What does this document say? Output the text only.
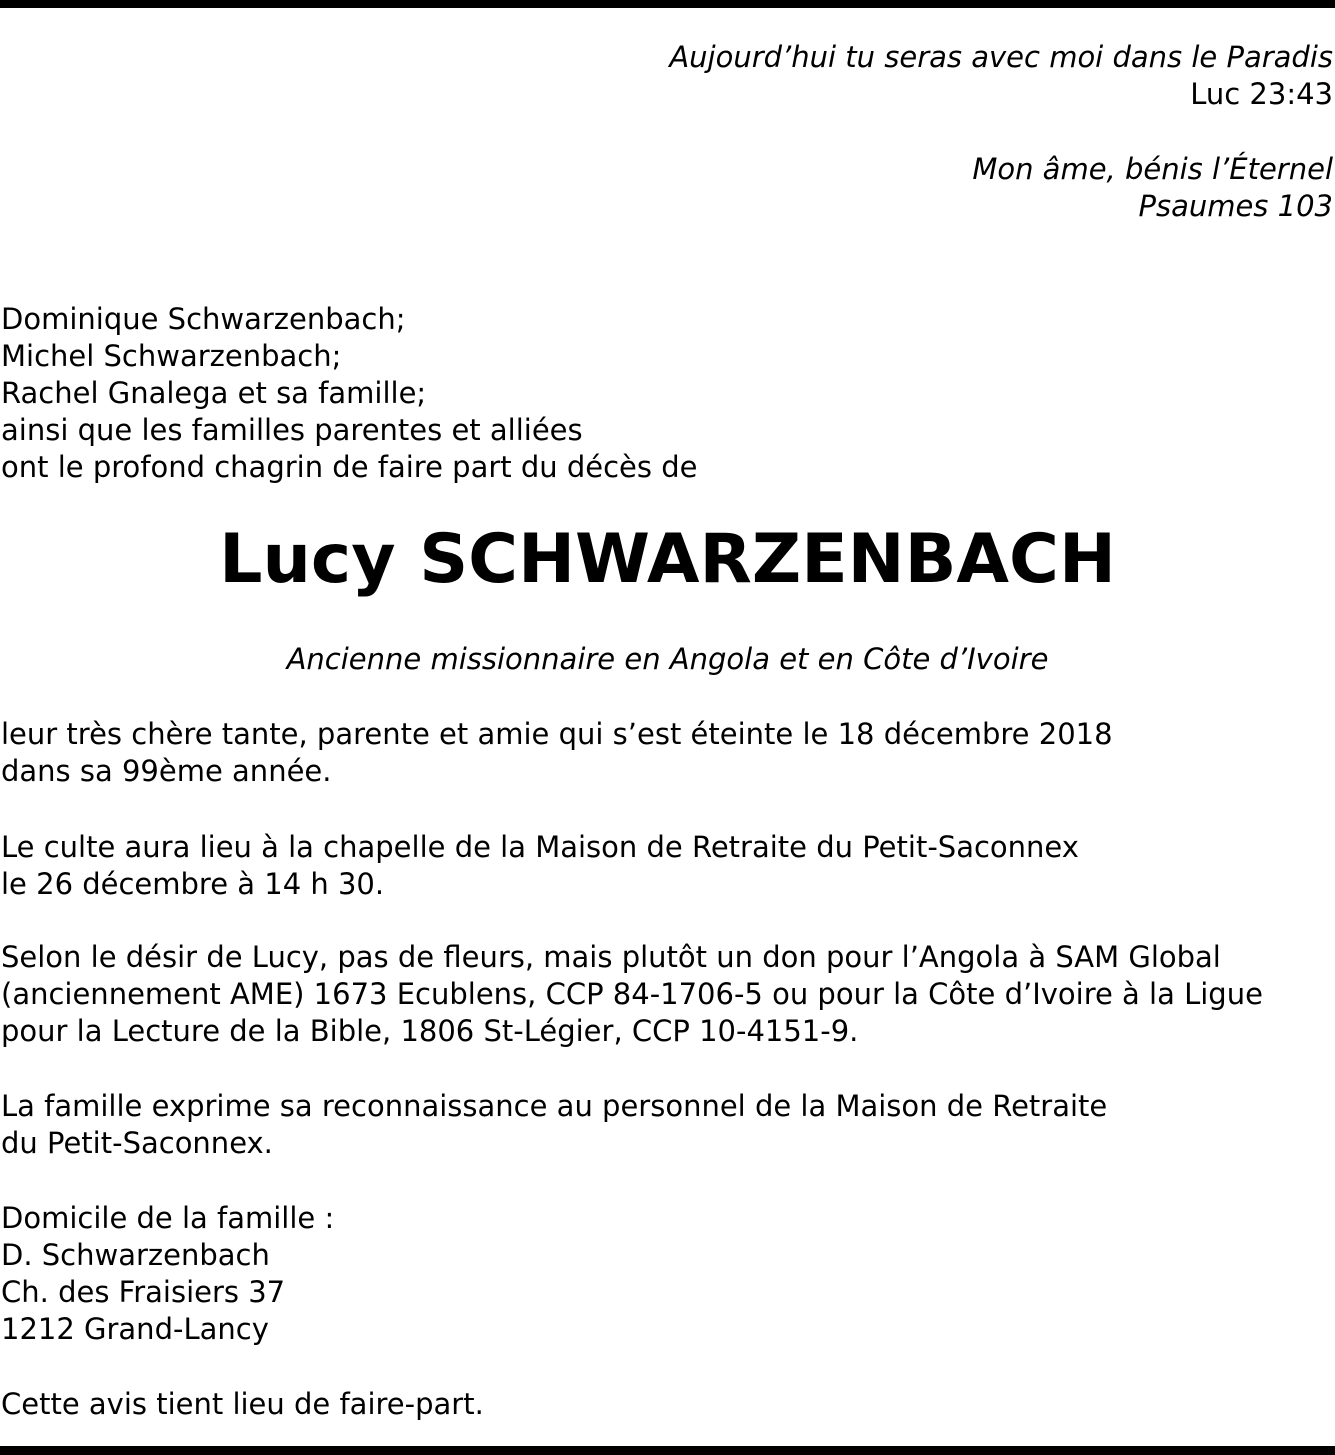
Aujourd’hui tu seras avec moi dans le Paradis
Luc 23:43
Mon âme, bénis l’Éternel
Psaumes 103
Dominique Schwarzenbach;
Michel Schwarzenbach;
Rachel Gnalega et sa famille;
ainsi que les familles parentes et alliées
ont le profond chagrin de faire part du décès de
Lucy SCHWARZENBACH
Ancienne missionnaire en Angola et en Côte d’Ivoire
leur très chère tante, parente et amie qui s’est éteinte le 18 décembre 2018
dans sa 99ème année.
Le culte aura lieu à la chapelle de la Maison de Retraite du Petit-Saconnex
le 26 décembre à 14 h 30.
Selon le désir de Lucy, pas de fleurs, mais plutôt un don pour l’Angola à SAM Global
(anciennement AME) 1673 Ecublens, CCP 84-1706-5 ou pour la Côte d’Ivoire à la Ligue
pour la Lecture de la Bible, 1806 St-Légier, CCP 10-4151-9.
La famille exprime sa reconnaissance au personnel de la Maison de Retraite
du Petit-Saconnex.
Domicile de la famille :
D. Schwarzenbach
Ch. des Fraisiers 37
1212 Grand-Lancy
Cette avis tient lieu de faire-part.
